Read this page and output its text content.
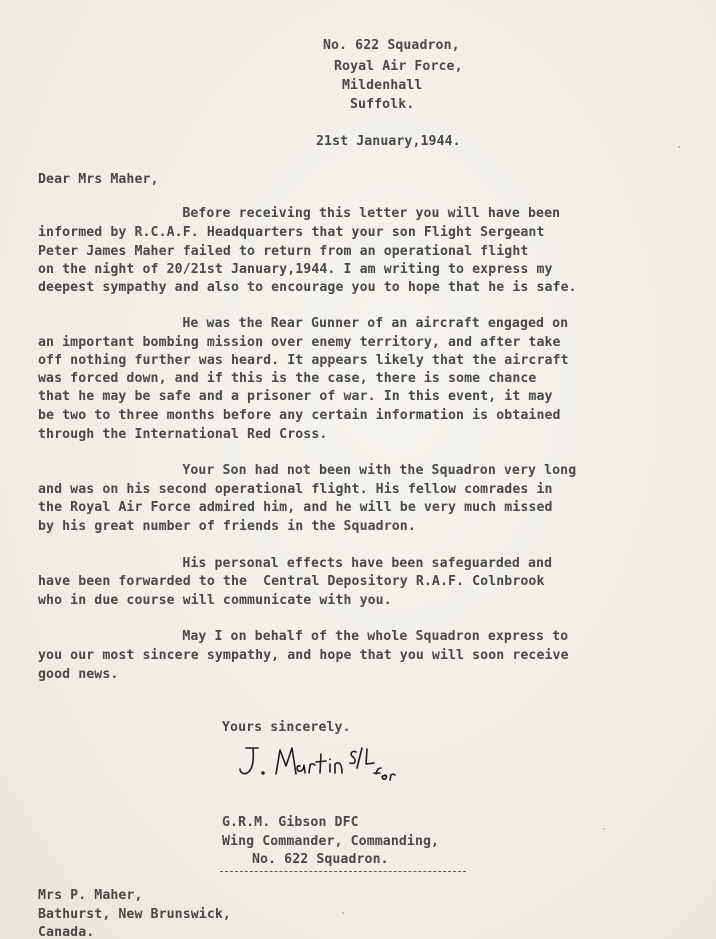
No. 622 Squadron,
Royal Air Force,
Mildenhall
Suffolk.
21st January,1944.
Dear Mrs Maher,
Before receiving this letter you will have been
informed by R.C.A.F. Headquarters that your son Flight Sergeant
Peter James Maher failed to return from an operational flight
on the night of 20/21st January,1944. I am writing to express my
deepest sympathy and also to encourage you to hope that he is safe.
He was the Rear Gunner of an aircraft engaged on
an important bombing mission over enemy territory, and after take
off nothing further was heard. It appears likely that the aircraft
was forced down, and if this is the case, there is some chance
that he may be safe and a prisoner of war. In this event, it may
be two to three months before any certain information is obtained
through the International Red Cross.
Your Son had not been with the Squadron very long
and was on his second operational flight. His fellow comrades in
the Royal Air Force admired him, and he will be very much missed
by his great number of friends in the Squadron.
His personal effects have been safeguarded and
have been forwarded to the  Central Depository R.A.F. Colnbrook
who in due course will communicate with you.
May I on behalf of the whole Squadron express to
you our most sincere sympathy, and hope that you will soon receive
good news.
Yours sincerely.
G.R.M. Gibson DFC
Wing Commander, Commanding,
No. 622 Squadron.
Mrs P. Maher,
Bathurst, New Brunswick,
Canada.
